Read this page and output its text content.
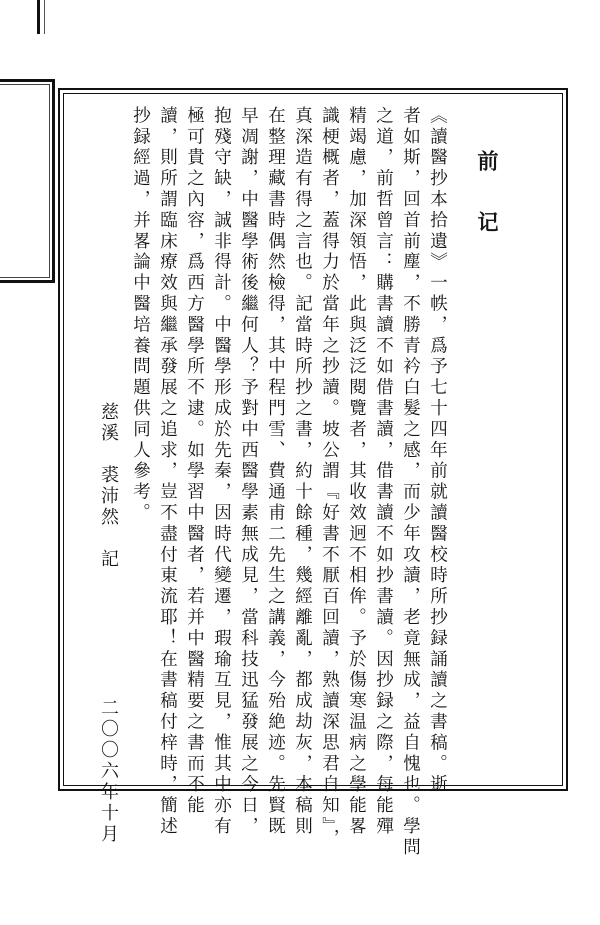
前记
《讀醫抄本拾遺》一帙，爲予七十四年前就讀醫校時所抄録誦讀之書稿。逝
者如斯，回首前塵，不勝青衿白髮之感，而少年攻讀，老竟無成，益自愧也。學問
之道，前哲曾言：購書讀不如借書讀，借書讀不如抄書讀。因抄録之際，每能殫
精竭慮，加深領悟，此與泛泛閱覽者，其收效迥不相侔。予於傷寒温病之學能畧
識梗概者，蓋得力於當年之抄讀。坡公謂『好書不厭百回讀，熟讀深思君自知』，
真深造有得之言也。記當時所抄之書，約十餘種，幾經離亂，都成劫灰，本稿則
在整理藏書時偶然檢得，其中程門雪、費通甫二先生之講義，今殆絶迹。先賢既
早凋謝，中醫學術後繼何人？予對中西醫學素無成見，當科技迅猛發展之今日，
抱殘守缺，誠非得計。中醫學形成於先秦，因時代變遷，瑕瑜互見，惟其中亦有
極可貴之內容，爲西方醫學所不逮。如學習中醫者，若并中醫精要之書而不能
讀，則所謂臨床療效與繼承發展之追求，豈不盡付東流耶！在書稿付梓時，簡述
抄録經過，并畧論中醫培養問題供同人參考。
慈溪　裘沛然　記
二〇〇六年十月
